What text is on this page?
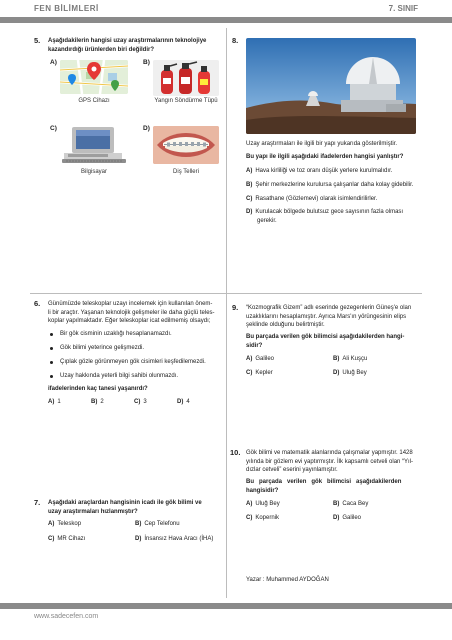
FEN BİLİMLERİ	7. SINIF
5. Aşağıdakilerin hangisi uzay araştırmalarının teknolojiye
kazandırdığı ürünlerden biri değildir?
A)
GPS Cihazı
B)
Yangın Söndürme Tüpü
C)
Bilgisayar
D)
Diş Telleri
8.
Uzay araştırmaları ile ilgili bir yapı yukarıda gösterilmiştir.
Bu yapı ile ilgili aşağıdaki ifadelerden hangisi yanlıştır?
A) Hava kirliliği ve toz oranı düşük yerlere kurulmalıdır.
B) Şehir merkezlerine kurulursa çalışanlar daha kolay gidebilir.
C) Rasathane (Gözlemevi) olarak isimlendirilirler.
D) Kurulacak bölgede bulutsuz gece sayısının fazla olması
gerekir.
6. Günümüzde teleskoplar uzayı incelemek için kullanılan önem-
li bir araçtır. Yaşanan teknolojik gelişmeler ile daha güçlü teles-
koplar yapılmaktadır. Eğer teleskoplar icat edilmemiş olsaydı;
Bir gök cisminin uzaklığı hesaplanamazdı.
Gök bilimi yeterince gelişmezdi.
Çıplak gözle görünmeyen gök cisimleri keşfedilemezdi.
Uzay hakkında yeterli bilgi sahibi olunmazdı.
ifadelerinden kaç tanesi yaşanırdı?
A) 1	B) 2	C) 3	D) 4
7. Aşağıdaki araçlardan hangisinin icadı ile gök bilimi ve
uzay araştırmaları hızlanmıştır?
A) Teleskop	B) Cep Telefonu
C) MR Cihazı	D) İnsansız Hava Aracı (İHA)
9. “Kozmografik Gizem” adlı eserinde gezegenlerin Güneş'e olan
uzaklıklarını hesaplamıştır. Ayrıca Mars'ın yörüngesinin elips
şeklinde olduğunu belirtmiştir.
Bu parçada verilen gök bilimcisi aşağıdakilerden hangi-
sidir?
A) Galileo	B) Ali Kuşçu
C) Kepler	D) Uluğ Bey
10. Gök bilimi ve matematik alanlarında çalışmalar yapmıştır. 1428
yılında bir gözlem evi yaptırmıştır. İlk kapsamlı cetveli olan “Yıl-
dızlar cetveli” eserini yayınlamıştır.
Bu   parçada   verilen   gök   bilimcisi   aşağıdakilerden
hangisidir?
A) Uluğ Bey	B) Caca Bey
C) Kopernik	D) Galileo
Yazar : Muhammed AYDOĞAN
www.sadecefen.com
